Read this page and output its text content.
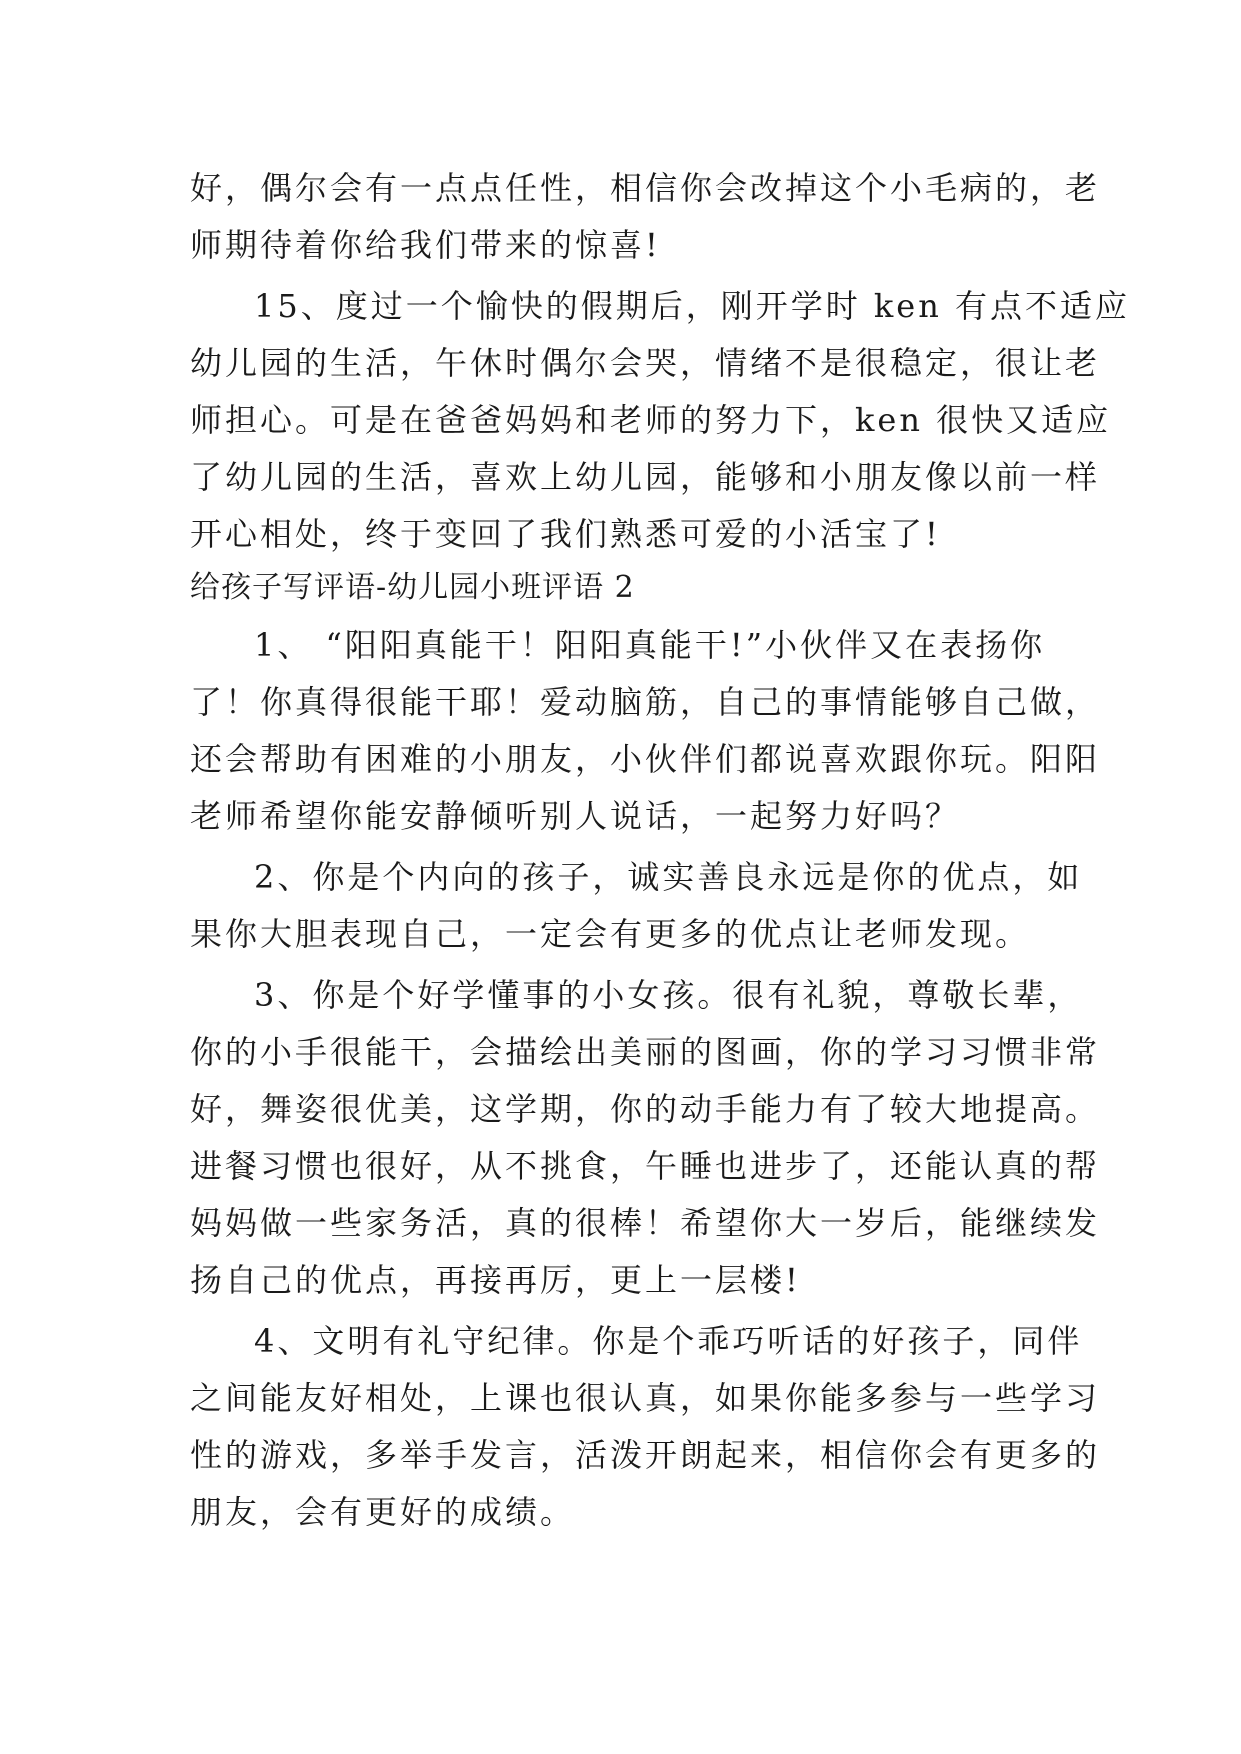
好，偶尔会有一点点任性，相信你会改掉这个小毛病的，老
师期待着你给我们带来的惊喜!
15、度过一个愉快的假期后，刚开学时 ken 有点不适应
幼儿园的生活，午休时偶尔会哭，情绪不是很稳定，很让老
师担心。可是在爸爸妈妈和老师的努力下，ken 很快又适应
了幼儿园的生活，喜欢上幼儿园，能够和小朋友像以前一样
开心相处，终于变回了我们熟悉可爱的小活宝了!
给孩子写评语-幼儿园小班评语 2
1、 “阳阳真能干！阳阳真能干!”小伙伴又在表扬你
了！你真得很能干耶！爱动脑筋，自己的事情能够自己做，
还会帮助有困难的小朋友，小伙伴们都说喜欢跟你玩。阳阳
老师希望你能安静倾听别人说话，一起努力好吗？
2、你是个内向的孩子，诚实善良永远是你的优点，如
果你大胆表现自己，一定会有更多的优点让老师发现。
3、你是个好学懂事的小女孩。很有礼貌，尊敬长辈，
你的小手很能干，会描绘出美丽的图画，你的学习习惯非常
好，舞姿很优美，这学期，你的动手能力有了较大地提高。
进餐习惯也很好，从不挑食，午睡也进步了，还能认真的帮
妈妈做一些家务活，真的很棒！希望你大一岁后，能继续发
扬自己的优点，再接再厉，更上一层楼!
4、文明有礼守纪律。你是个乖巧听话的好孩子，同伴
之间能友好相处，上课也很认真，如果你能多参与一些学习
性的游戏，多举手发言，活泼开朗起来，相信你会有更多的
朋友，会有更好的成绩。
